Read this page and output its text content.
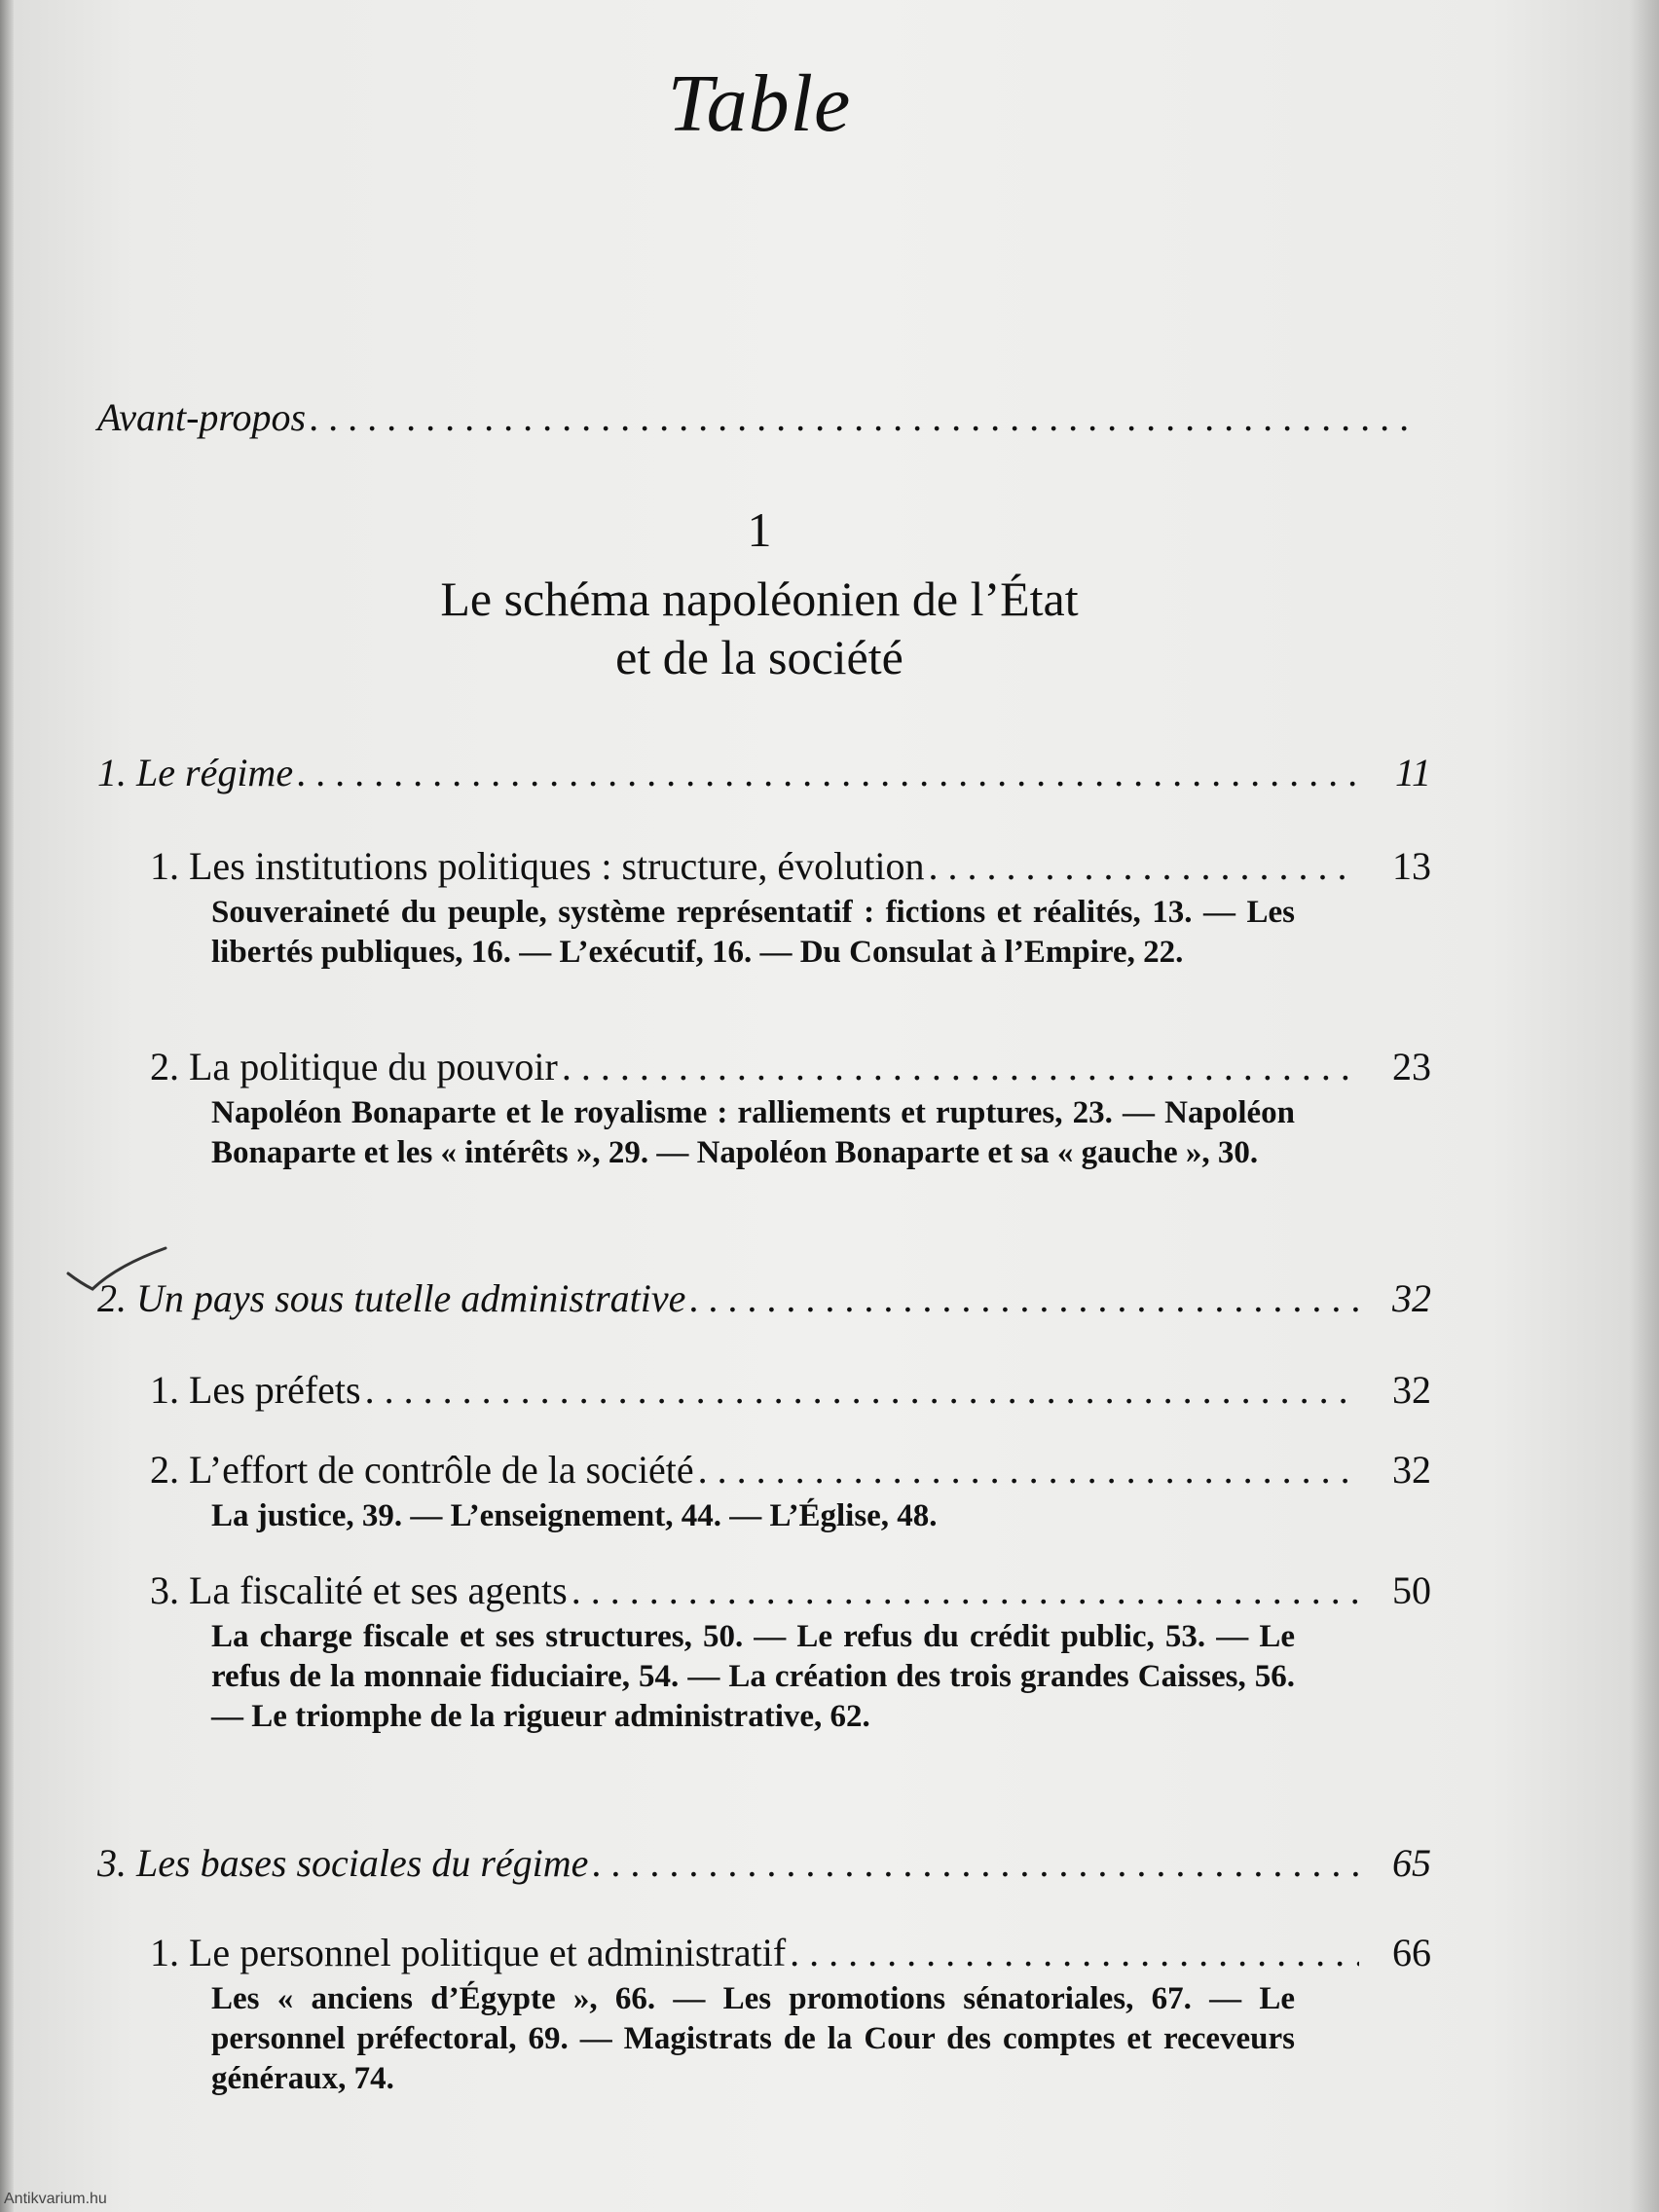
Table
Avant-propos
. . .
1
Le schéma napoléonien de l’État
et de la société
1. Le régime . . .	11
1. Les institutions politiques : structure, évolution . . .	13
Souveraineté du peuple, système représentatif : fictions et réalités, 13. — Les libertés publiques, 16. — L’exécutif, 16. — Du Consulat à l’Empire, 22.
2. La politique du pouvoir . . .	23
Napoléon Bonaparte et le royalisme : ralliements et ruptures, 23. — Napoléon Bonaparte et les « intérêts », 29. — Napoléon Bonaparte et sa « gauche », 30.
2. Un pays sous tutelle administrative . . .	32
1. Les préfets . . .	32
2. L’effort de contrôle de la société . . .	32
La justice, 39. — L’enseignement, 44. — L’Église, 48.
3. La fiscalité et ses agents . . .	50
La charge fiscale et ses structures, 50. — Le refus du crédit public, 53. — Le refus de la monnaie fiduciaire, 54. — La création des trois grandes Caisses, 56. — Le triomphe de la rigueur administrative, 62.
3. Les bases sociales du régime . . .	65
1. Le personnel politique et administratif . . .	66
Les « anciens d’Égypte », 66. — Les promotions sénatoriales, 67. — Le personnel préfectoral, 69. — Magistrats de la Cour des comptes et receveurs généraux, 74.
Antikvarium.hu
